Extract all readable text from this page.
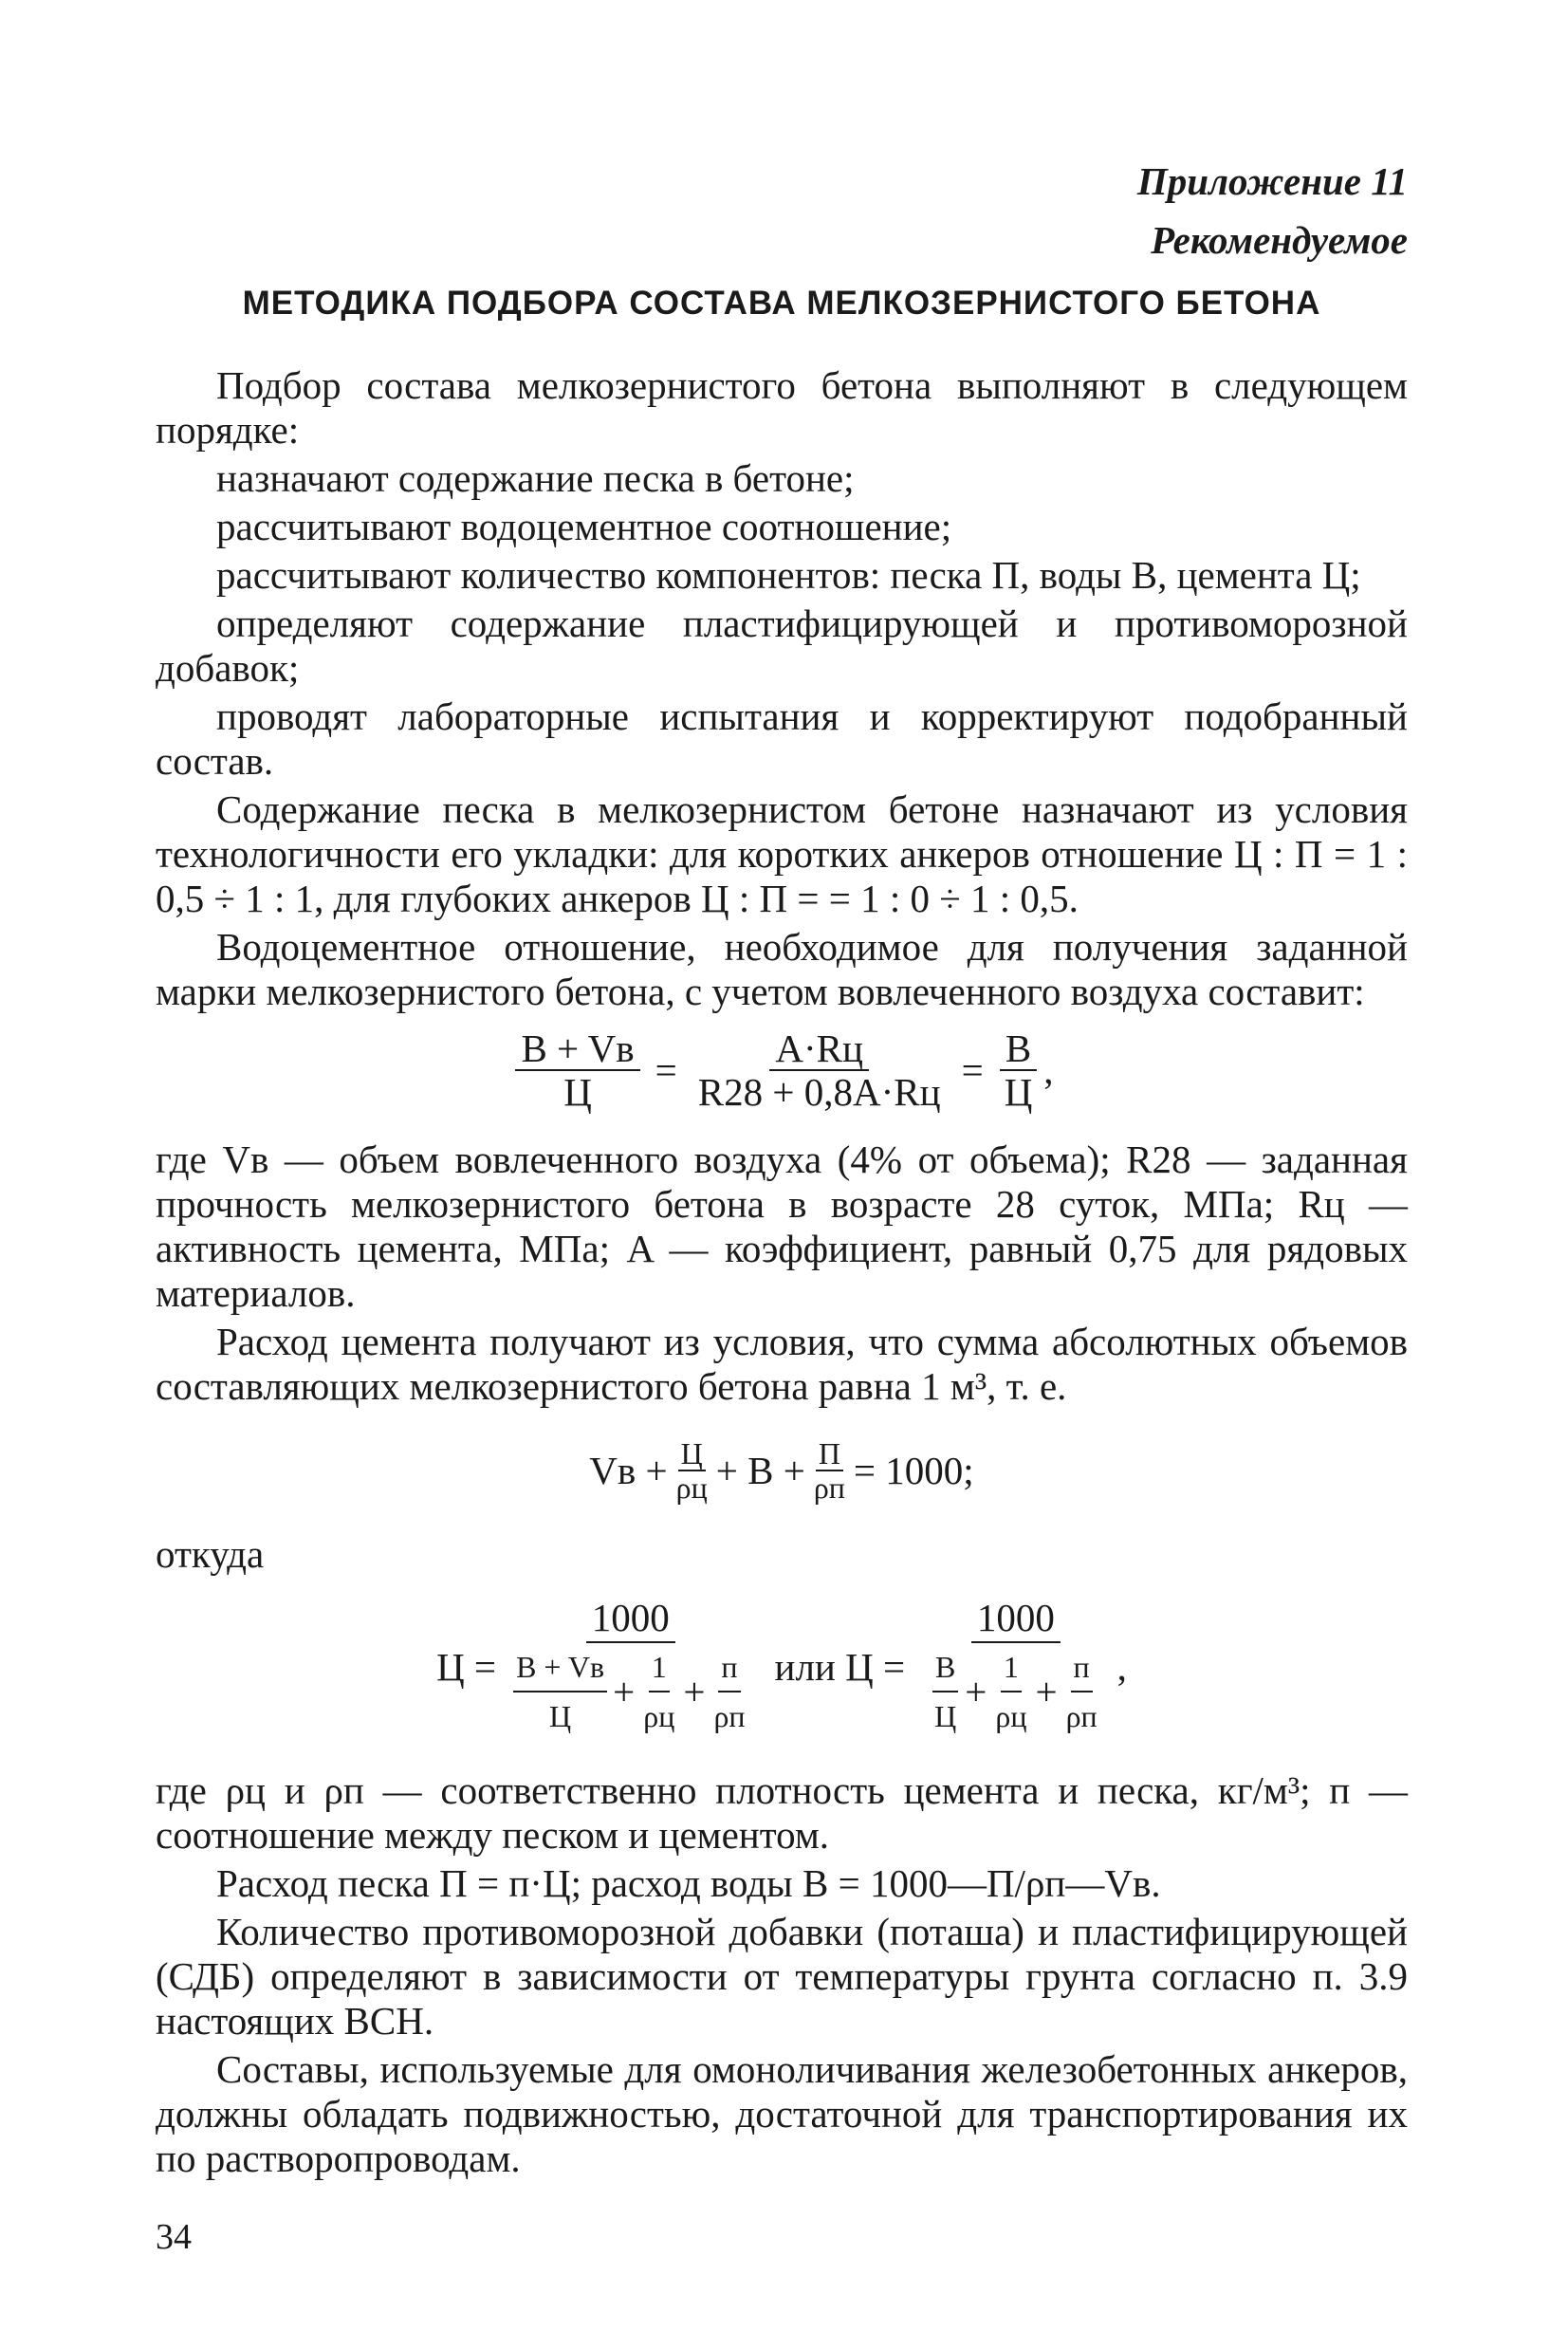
Приложение 11
Рекомендуемое
МЕТОДИКА ПОДБОРА СОСТАВА МЕЛКОЗЕРНИСТОГО БЕТОНА

Подбор состава мелкозернистого бетона выполняют в следующем порядке:

назначают содержание песка в бетоне;

рассчитывают водоцементное соотношение;

рассчитывают количество компонентов: песка П, воды В, цемента Ц;

определяют содержание пластифицирующей и противоморозной добавок;

проводят лабораторные испытания и корректируют подобранный состав.

Содержание песка в мелкозернистом бетоне назначают из условия технологичности его укладки: для коротких анкеров отношение Ц : П = 1 : 0,5 ÷ 1 : 1, для глубоких анкеров Ц : П = = 1 : 0 ÷ 1 : 0,5.

Водоцементное отношение, необходимое для получения заданной марки мелкозернистого бетона, с учетом вовлеченного воздуха составит:

$\frac{B + Vв}{Ц} = \frac{A\cdot Rц}{R28 + 0,8A\cdot Rц} = \frac{B}{Ц}$ ,

где Vв — объем вовлеченного воздуха (4% от объема); R28 — заданная прочность мелкозернистого бетона в возрасте 28 суток, МПа; Rц — активность цемента, МПа; A — коэффициент, равный 0,75 для рядовых материалов.

Расход цемента получают из условия, что сумма абсолютных объемов составляющих мелкозернистого бетона равна 1 м³, т. е.

Vв + $\frac{Ц}{\rho ц} + B + \frac{П}{\rho п} = 1000$;

откуда

Ц =
1000
$\frac{B + Vв}{Ц} + \frac{1}{\rho ц} + \frac{п}{\rho п}$ или Ц =
1000
$\frac{B}{Ц} + \frac{1}{\rho ц} + \frac{п}{\rho п}$ ,

где ρц и ρп — соответственно плотность цемента и песка, кг/м³; п — соотношение между песком и цементом.

Расход песка П = п·Ц; расход воды B = 1000—П/ρп—Vв.

Количество противоморозной добавки (поташа) и пластифицирующей (СДБ) определяют в зависимости от температуры грунта согласно п. 3.9 настоящих ВСН.

Составы, используемые для омоноличивания железобетонных анкеров, должны обладать подвижностью, достаточной для транспортирования их по растворопроводам.

34
